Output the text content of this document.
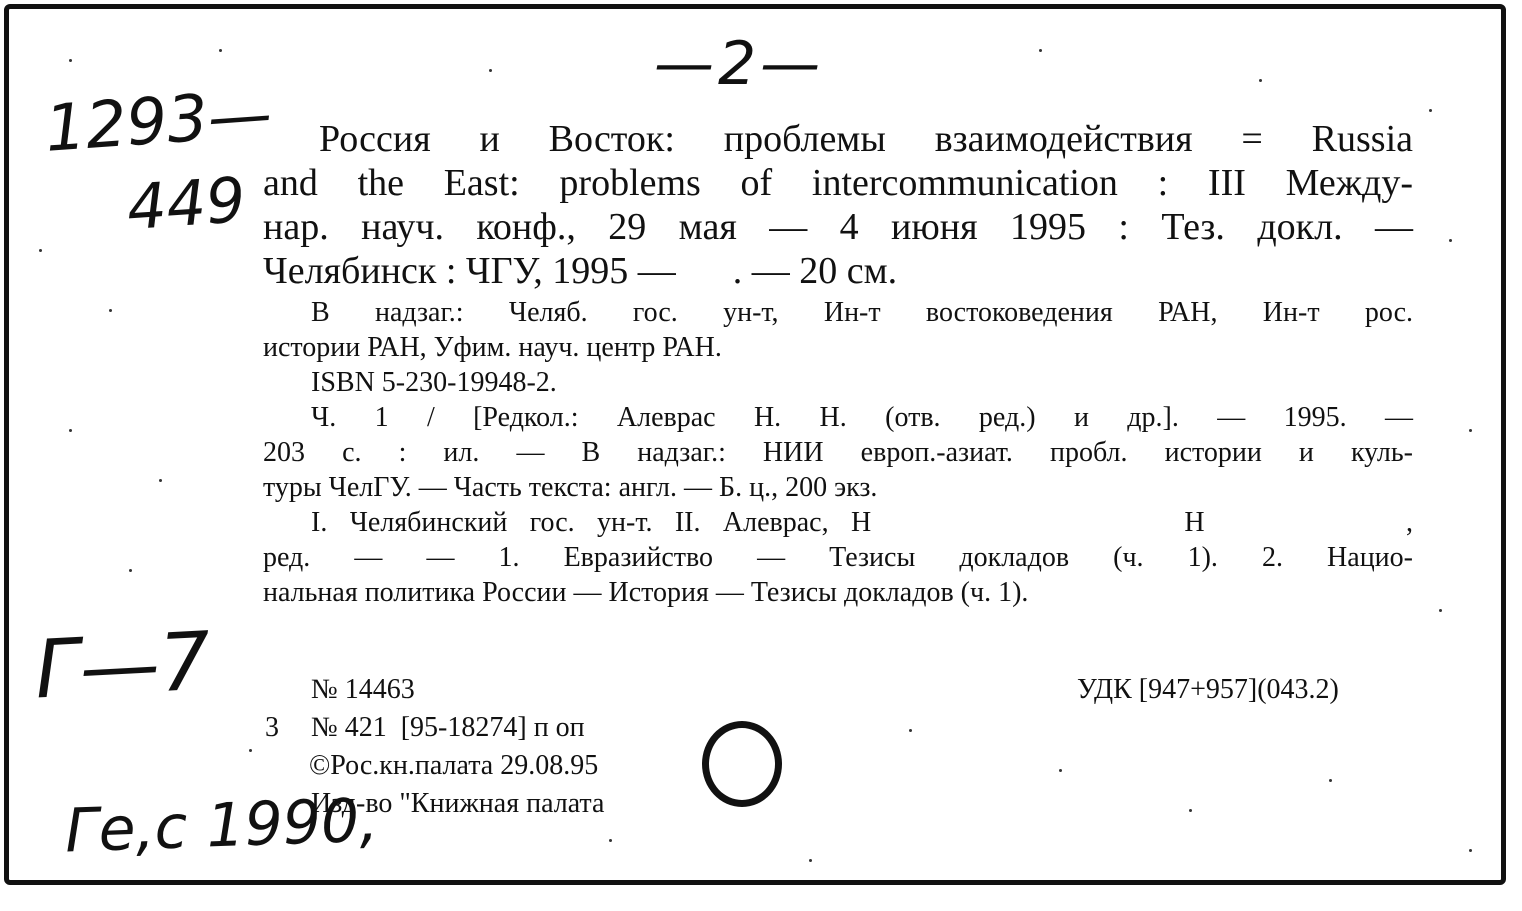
—2—
1293—
449
Россия и Восток: проблемы взаимодействия = Russia
and the East: problems of intercommunication : III Между-
нар. науч. конф., 29 мая — 4 июня 1995 : Тез. докл. —
Челябинск : ЧГУ, 1995 —      . — 20 см.
В надзаг.: Челяб. гос. ун-т, Ин-т востоковедения РАН, Ин-т рос.
истории РАН, Уфим. науч. центр РАН.
ISBN 5-230-19948-2.
Ч. 1 / [Редкол.: Алеврас Н. Н. (отв. ред.) и др.]. — 1995. —
203 с. : ил. — В надзаг.: НИИ европ.-азиат. пробл. истории и куль-
туры ЧелГУ. — Часть текста: англ. — Б. ц., 200 экз.
I. Челябинский гос. ун-т. II. Алеврас, Н              Н         ,
ред. — — 1. Евразийство — Тезисы докладов (ч. 1). 2. Нацио-
нальная политика России — История — Тезисы докладов (ч. 1).
Г—7	№ 14463	УДК [947+957](043.2)
3 № 421  [95-18274] п оп
©Рос.кн.палата 29.08.95
Изд-во "Книжная палата
Ге,с 1990,
